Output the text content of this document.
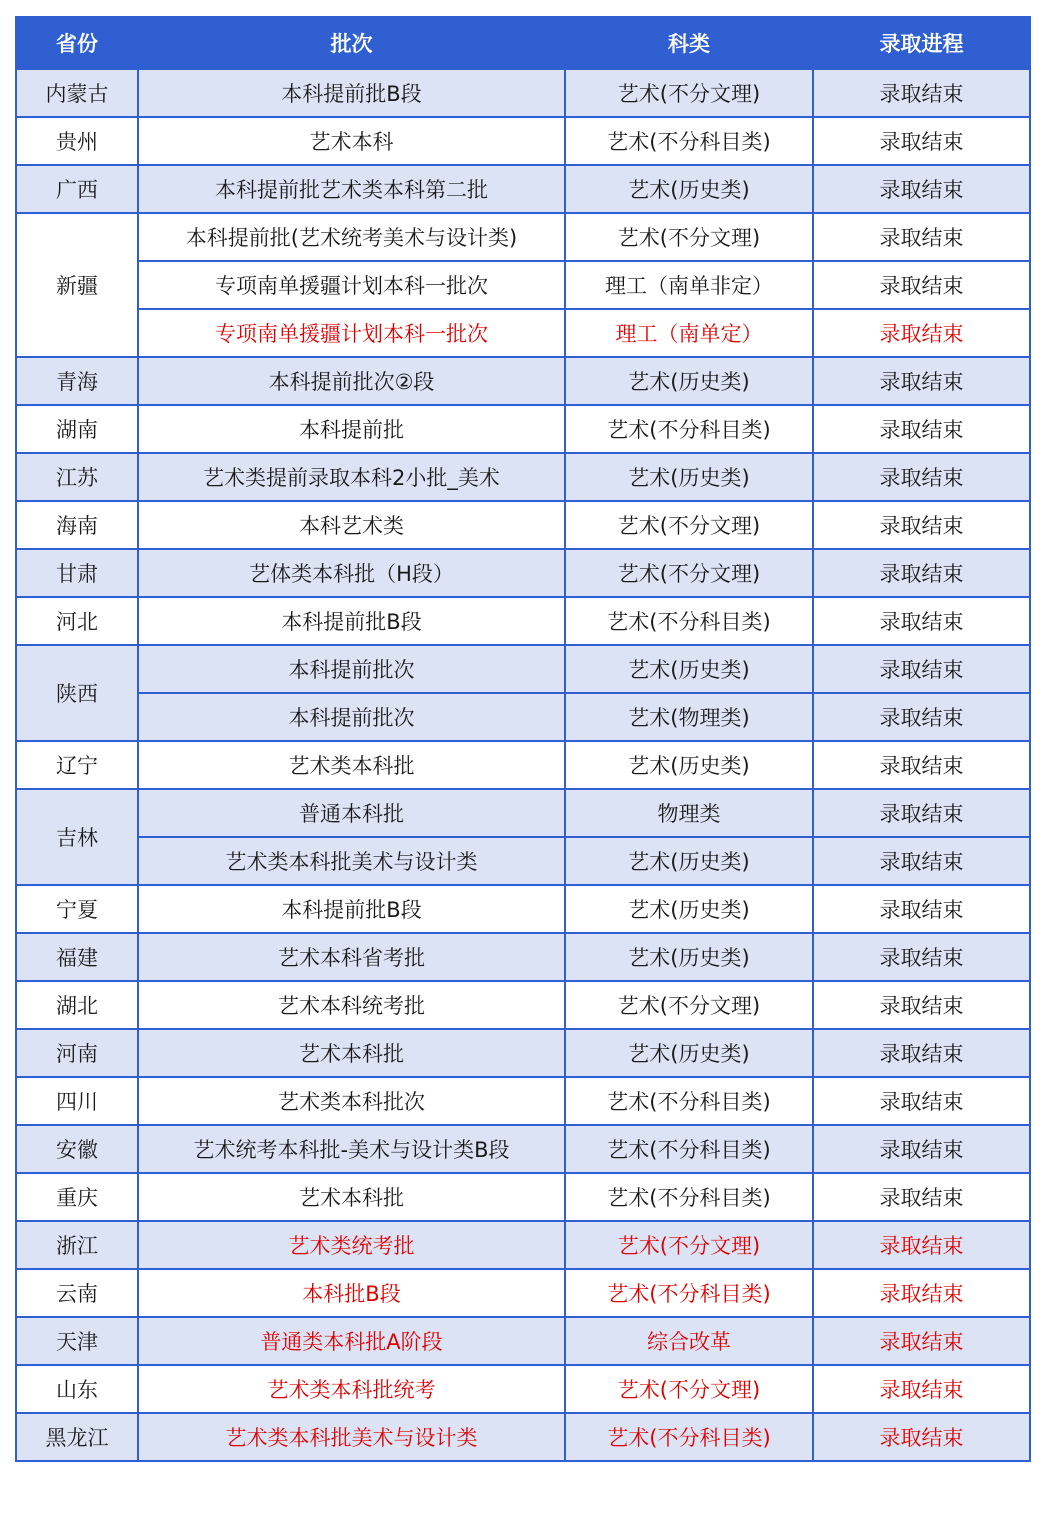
省份	批次	科类	录取进程
内蒙古	本科提前批B段	艺术(不分文理)	录取结束
贵州	艺术本科	艺术(不分科目类)	录取结束
广西	本科提前批艺术类本科第二批	艺术(历史类)	录取结束
新疆	本科提前批(艺术统考美术与设计类)	艺术(不分文理)	录取结束
	专项南单援疆计划本科一批次	理工（南单非定）	录取结束
	专项南单援疆计划本科一批次	理工（南单定）	录取结束
青海	本科提前批次②段	艺术(历史类)	录取结束
湖南	本科提前批	艺术(不分科目类)	录取结束
江苏	艺术类提前录取本科2小批_美术	艺术(历史类)	录取结束
海南	本科艺术类	艺术(不分文理)	录取结束
甘肃	艺体类本科批（H段）	艺术(不分文理)	录取结束
河北	本科提前批B段	艺术(不分科目类)	录取结束
陕西	本科提前批次	艺术(历史类)	录取结束
	本科提前批次	艺术(物理类)	录取结束
辽宁	艺术类本科批	艺术(历史类)	录取结束
吉林	普通本科批	物理类	录取结束
	艺术类本科批美术与设计类	艺术(历史类)	录取结束
宁夏	本科提前批B段	艺术(历史类)	录取结束
福建	艺术本科省考批	艺术(历史类)	录取结束
湖北	艺术本科统考批	艺术(不分文理)	录取结束
河南	艺术本科批	艺术(历史类)	录取结束
四川	艺术类本科批次	艺术(不分科目类)	录取结束
安徽	艺术统考本科批-美术与设计类B段	艺术(不分科目类)	录取结束
重庆	艺术本科批	艺术(不分科目类)	录取结束
浙江	艺术类统考批	艺术(不分文理)	录取结束
云南	本科批B段	艺术(不分科目类)	录取结束
天津	普通类本科批A阶段	综合改革	录取结束
山东	艺术类本科批统考	艺术(不分文理)	录取结束
黑龙江	艺术类本科批美术与设计类	艺术(不分科目类)	录取结束
